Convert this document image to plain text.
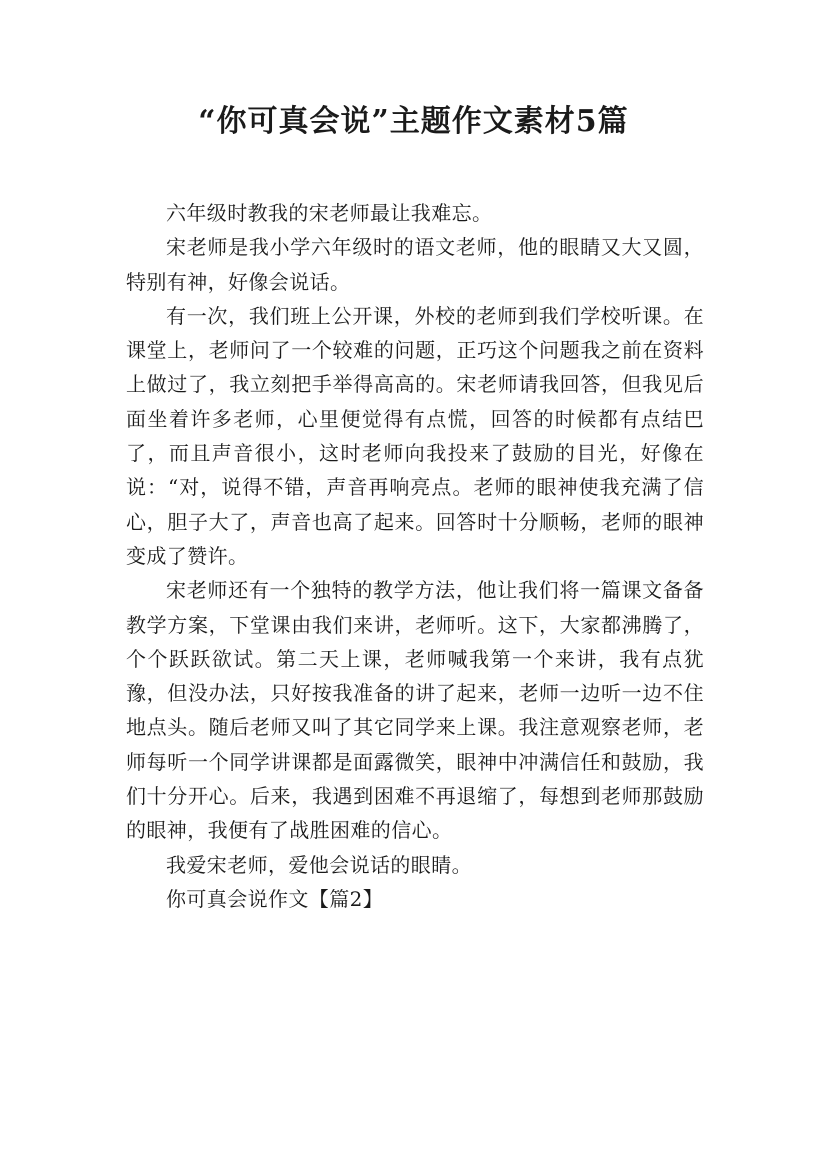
“你可真会说”主题作文素材5篇

六年级时教我的宋老师最让我难忘。

宋老师是我小学六年级时的语文老师，他的眼睛又大又圆，特别有神，好像会说话。

有一次，我们班上公开课，外校的老师到我们学校听课。在课堂上，老师问了一个较难的问题，正巧这个问题我之前在资料上做过了，我立刻把手举得高高的。宋老师请我回答，但我见后面坐着许多老师，心里便觉得有点慌，回答的时候都有点结巴了，而且声音很小，这时老师向我投来了鼓励的目光，好像在说：“对，说得不错，声音再响亮点。老师的眼神使我充满了信心，胆子大了，声音也高了起来。回答时十分顺畅，老师的眼神变成了赞许。

宋老师还有一个独特的教学方法，他让我们将一篇课文备备教学方案，下堂课由我们来讲，老师听。这下，大家都沸腾了，个个跃跃欲试。第二天上课，老师喊我第一个来讲，我有点犹豫，但没办法，只好按我准备的讲了起来，老师一边听一边不住地点头。随后老师又叫了其它同学来上课。我注意观察老师，老师每听一个同学讲课都是面露微笑，眼神中冲满信任和鼓励，我们十分开心。后来，我遇到困难不再退缩了，每想到老师那鼓励的眼神，我便有了战胜困难的信心。

我爱宋老师，爱他会说话的眼睛。

你可真会说作文【篇2】
